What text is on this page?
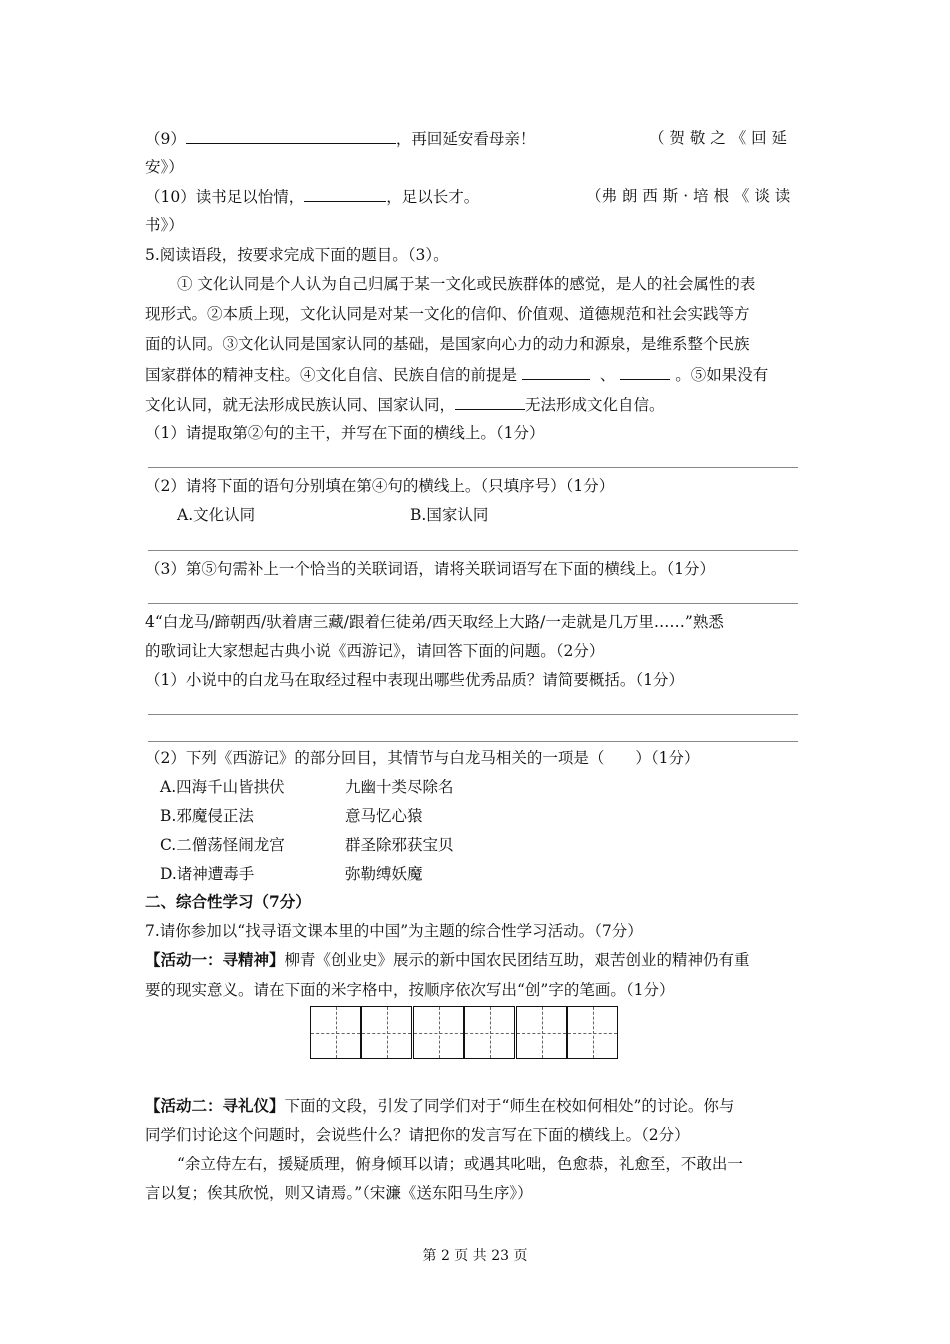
（9）	，再回延安看母亲！	（ 贺 敬 之 《 回 延
安》）
（10）读书足以怡情，	，足以长才。	（弗 朗 西 斯 · 培 根 《 谈 读
书》）
5.阅读语段，按要求完成下面的题目。（3）。
① 文化认同是个人认为自己归属于某一文化或民族群体的感觉，是人的社会属性的表
现形式。②本质上现，文化认同是对某一文化的信仰、价值观、道德规范和社会实践等方
面的认同。③文化认同是国家认同的基础，是国家向心力的动力和源泉，是维系整个民族
国家群体的精神支柱。④文化自信、民族自信的前提是	、	。⑤如果没有
文化认同，就无法形成民族认同、国家认同，	无法形成文化自信。
（1）请提取第②句的主干，并写在下面的横线上。（1分）
（2）请将下面的语句分别填在第④句的横线上。（只填序号）（1分）
A.文化认同	B.国家认同
（3）第⑤句需补上一个恰当的关联词语，请将关联词语写在下面的横线上。（1分）
4“白龙马/蹄朝西/驮着唐三藏/跟着仨徒弟/西天取经上大路/一走就是几万里……”熟悉
的歌词让大家想起古典小说《西游记》，请回答下面的问题。（2分）
（1）小说中的白龙马在取经过程中表现出哪些优秀品质？请简要概括。（1分）
（2）下列《西游记》的部分回目，其情节与白龙马相关的一项是（　　）（1分）
A.四海千山皆拱伏	九幽十类尽除名
B.邪魔侵正法	意马忆心猿
C.二僧荡怪闹龙宫	群圣除邪获宝贝
D.诸神遭毒手	弥勒缚妖魔
二、综合性学习（7分）
7.请你参加以“找寻语文课本里的中国”为主题的综合性学习活动。（7分）
【活动一：寻精神】柳青《创业史》展示的新中国农民团结互助，艰苦创业的精神仍有重
要的现实意义。请在下面的米字格中，按顺序依次写出“创”字的笔画。（1分）
【活动二：寻礼仪】下面的文段，引发了同学们对于“师生在校如何相处”的讨论。你与
同学们讨论这个问题时，会说些什么？请把你的发言写在下面的横线上。（2分）
“余立侍左右，援疑质理，俯身倾耳以请；或遇其叱咄，色愈恭，礼愈至，不敢出一
言以复；俟其欣悦，则又请焉。”（宋濂《送东阳马生序》）
第 2 页 共 23 页
